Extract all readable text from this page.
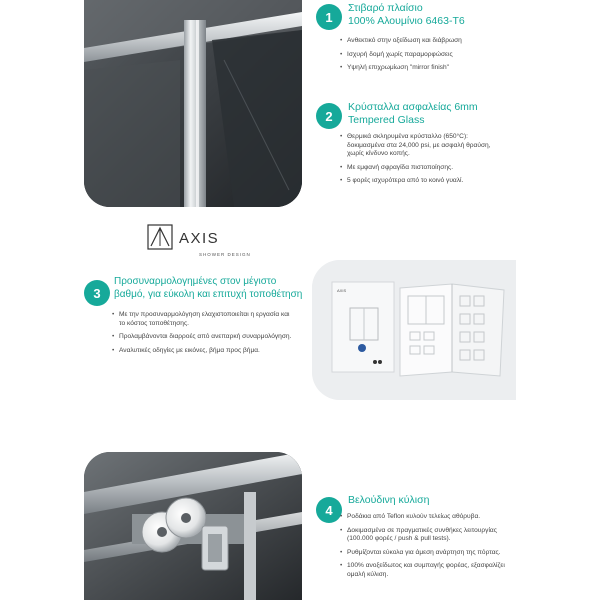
1
Στιβαρό πλαίσιο
100% Αλουμίνιο 6463-T6
• Ανθεκτικό στην οξείδωση και διάβρωση
• Ισχυρή δομή χωρίς παραμορφώσεις
• Υψηλή επιχρωμίωση "mirror finish"
2
Κρύσταλλα ασφαλείας 6mm
Tempered Glass
• Θερμικά σκληρυμένα κρύσταλλο (650°C): δοκιμασμένα στα 24,000 psi, με ασφαλή θραύση, χωρίς κίνδυνο κοπής.
• Με εμφανή σφραγίδα πιστοποίησης.
• 5 φορές ισχυρότερα από το κοινό γυαλί.
AXIS
SHOWER DESIGN
3
Προσυναρμολογημένες στον μέγιστο
βαθμό, για εύκολη και επιτυχή τοποθέτηση
• Με την προσυναρμολόγηση ελαχιστοποιείται η εργασία και το κόστος τοποθέτησης.
• Προλαμβάνονται διαρροές από ανεπαρκή συναρμολόγηση.
• Αναλυτικές οδηγίες με εικόνες, βήμα προς βήμα.
AXIS
4
Βελούδινη κύλιση
• Ροδάκια από Teflon κυλούν τελείως αθόρυβα.
• Δοκιμασμένα σε πραγματικές συνθήκες λειτουργίας (100.000 φορές / push & pull tests).
• Ρυθμίζονται εύκολα για άμεση ανάρτηση της πόρτας.
• 100% ανοξείδωτος και συμπαγής φορέας, εξασφαλίζει ομαλή κύλιση.
